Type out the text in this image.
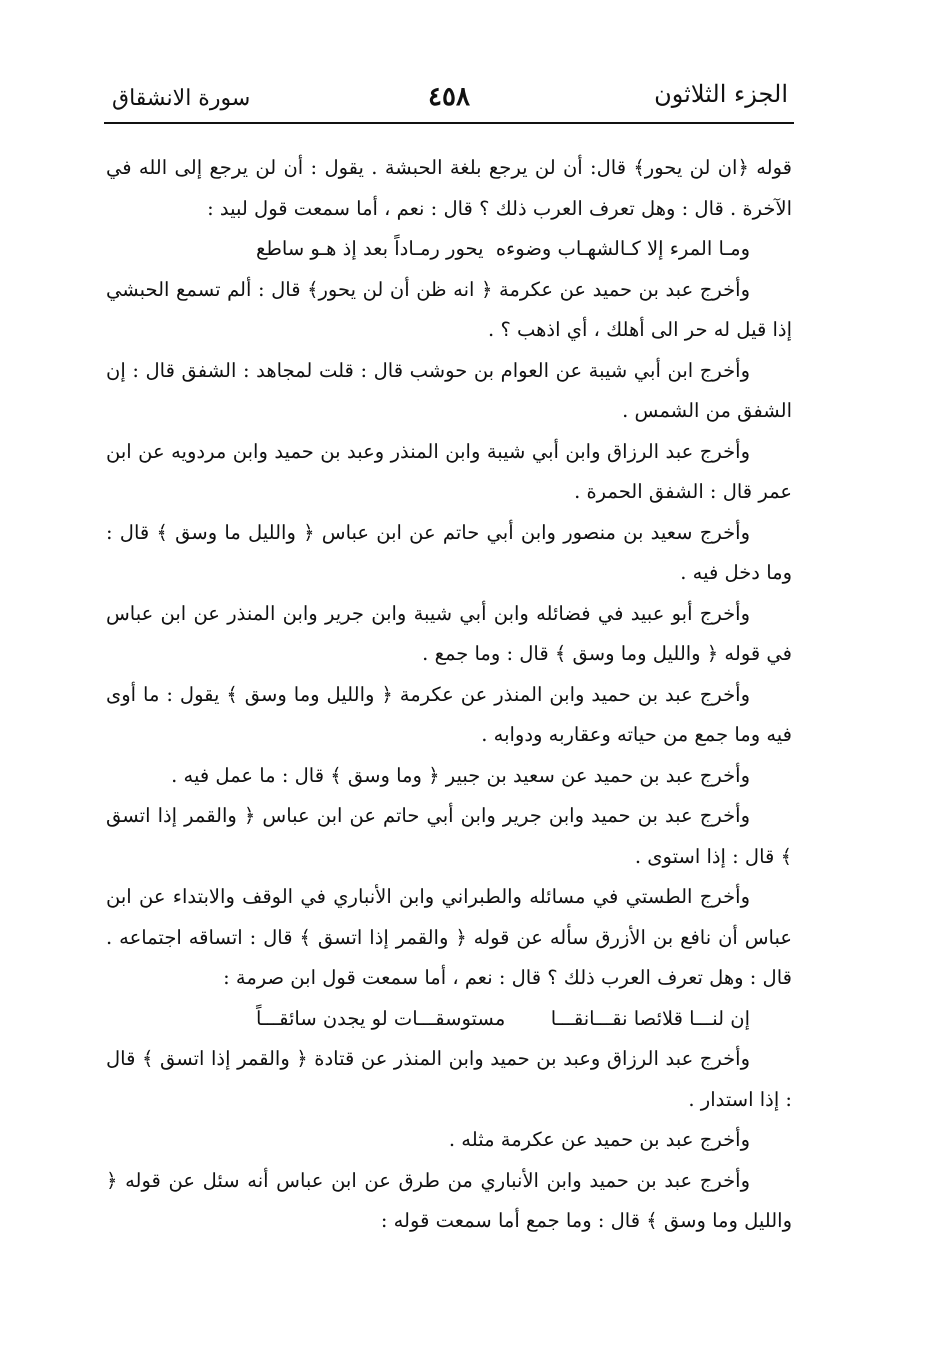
الجزء الثلاثون
٤٥٨
سورة الانشقاق

قوله ﴿ان لن يحور﴾ قال: أن لن يرجع بلغة الحبشة . يقول : أن لن يرجع إلى الله في الآخرة . قال : وهل تعرف العرب ذلك ؟ قال : نعم ، أما سمعت قول لبيد :

ومـا المرء إلا كـالشهـاب وضوءه
يحور رمـاداً بعد إذ هـو ساطع

وأخرج عبد بن حميد عن عكرمة ﴿ انه ظن أن لن يحور﴾ قال : ألم تسمع الحبشي إذا قيل له حر الى أهلك ، أي اذهب ؟ .

وأخرج ابن أبي شيبة عن العوام بن حوشب قال : قلت لمجاهد : الشفق قال : إن الشفق من الشمس .

وأخرج عبد الرزاق وابن أبي شيبة وابن المنذر وعبد بن حميد وابن مردويه عن ابن عمر قال : الشفق الحمرة .

وأخرج سعيد بن منصور وابن أبي حاتم عن ابن عباس ﴿ والليل ما وسق ﴾ قال : وما دخل فيه .

وأخرج أبو عبيد في فضائله وابن أبي شيبة وابن جرير وابن المنذر عن ابن عباس في قوله ﴿ والليل وما وسق ﴾ قال : وما جمع .

وأخرج عبد بن حميد وابن المنذر عن عكرمة ﴿ والليل وما وسق ﴾ يقول : ما أوى فيه وما جمع من حياته وعقاربه ودوابه .

وأخرج عبد بن حميد عن سعيد بن جبير ﴿ وما وسق ﴾ قال : ما عمل فيه .

وأخرج عبد بن حميد وابن جرير وابن أبي حاتم عن ابن عباس ﴿ والقمر إذا اتسق ﴾ قال : إذا استوى .

وأخرج الطستي في مسائله والطبراني وابن الأنباري في الوقف والابتداء عن ابن عباس أن نافع بن الأزرق سأله عن قوله ﴿ والقمر إذا اتسق ﴾ قال : اتساقه اجتماعه . قال : وهل تعرف العرب ذلك ؟ قال : نعم ، أما سمعت قول ابن صرمة :

إن لنـــا قلائصا نقـــانقـــا
مستوسقـــات لو يجدن سائقـــاً

وأخرج عبد الرزاق وعبد بن حميد وابن المنذر عن قتادة ﴿ والقمر إذا اتسق ﴾ قال : إذا استدار .

وأخرج عبد بن حميد عن عكرمة مثله .

وأخرج عبد بن حميد وابن الأنباري من طرق عن ابن عباس أنه سئل عن قوله ﴿ والليل وما وسق ﴾ قال : وما جمع أما سمعت قوله :
